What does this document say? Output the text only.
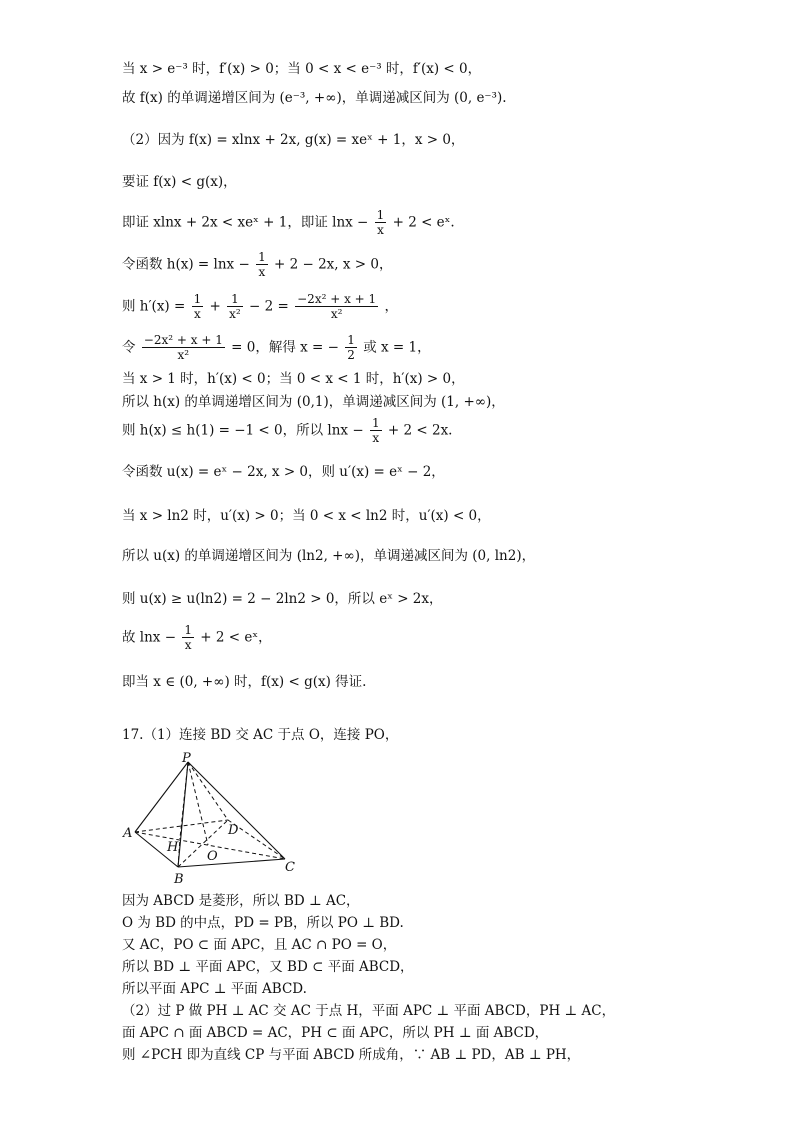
当 x > e⁻³ 时，f′(x) > 0；当 0 < x < e⁻³ 时，f′(x) < 0，
故 f(x) 的单调递增区间为 (e⁻³, +∞)，单调递减区间为 (0, e⁻³).
（2）因为 f(x) = xlnx + 2x, g(x) = xeˣ + 1，x > 0，
要证 f(x) < g(x)，
即证 xlnx + 2x < xeˣ + 1，即证 $\ln x - \frac{1}{x} + 2$ < eˣ.
令函数 $h(x) = \ln x - \frac{1}{x} + 2 - 2x$, x > 0，
则 $h'(x) = \frac{1}{x} + \frac{1}{\text{x²}} - 2 = \frac{\text{−2x² + x + 1}}{\text{x²}}$ ，
令 $\frac{\text{−2x² + x + 1}}{\text{x²}} = 0$，解得 x = − $\frac{1}{2}$ 或 x = 1，
当 x > 1 时，h′(x) < 0；当 0 < x < 1 时，h′(x) > 0，
所以 h(x) 的单调递增区间为 (0,1)，单调递减区间为 (1, +∞)，
则 h(x) ≤ h(1) = −1 < 0，所以 $\ln x - \frac{1}{x} + 2 < 2x$.
令函数 u(x) = eˣ − 2x, x > 0，则 u′(x) = eˣ − 2，
当 x > ln2 时，u′(x) > 0；当 0 < x < ln2 时，u′(x) < 0，
所以 u(x) 的单调递增区间为 (ln2, +∞)，单调递减区间为 (0, ln2)，
则 u(x) ≥ u(ln2) = 2 − 2ln2 > 0，所以 eˣ > 2x，
故 $\ln x - \frac{1}{x} + 2$ < eˣ，
即当 x ∈ (0, +∞) 时，f(x) < g(x) 得证.
17.（1）连接 BD 交 AC 于点 O，连接 PO，
P
A
B
C
D
H
O
因为 ABCD 是菱形，所以 BD ⊥ AC，
O 为 BD 的中点，PD = PB，所以 PO ⊥ BD.
又 AC，PO ⊂ 面 APC，且 AC ∩ PO = O，
所以 BD ⊥ 平面 APC，又 BD ⊂ 平面 ABCD，
所以平面 APC ⊥ 平面 ABCD.
（2）过 P 做 PH ⊥ AC 交 AC 于点 H，平面 APC ⊥ 平面 ABCD，PH ⊥ AC，
面 APC ∩ 面 ABCD = AC，PH ⊂ 面 APC，所以 PH ⊥ 面 ABCD，
则 ∠PCH 即为直线 CP 与平面 ABCD 所成角，∵ AB ⊥ PD，AB ⊥ PH，
